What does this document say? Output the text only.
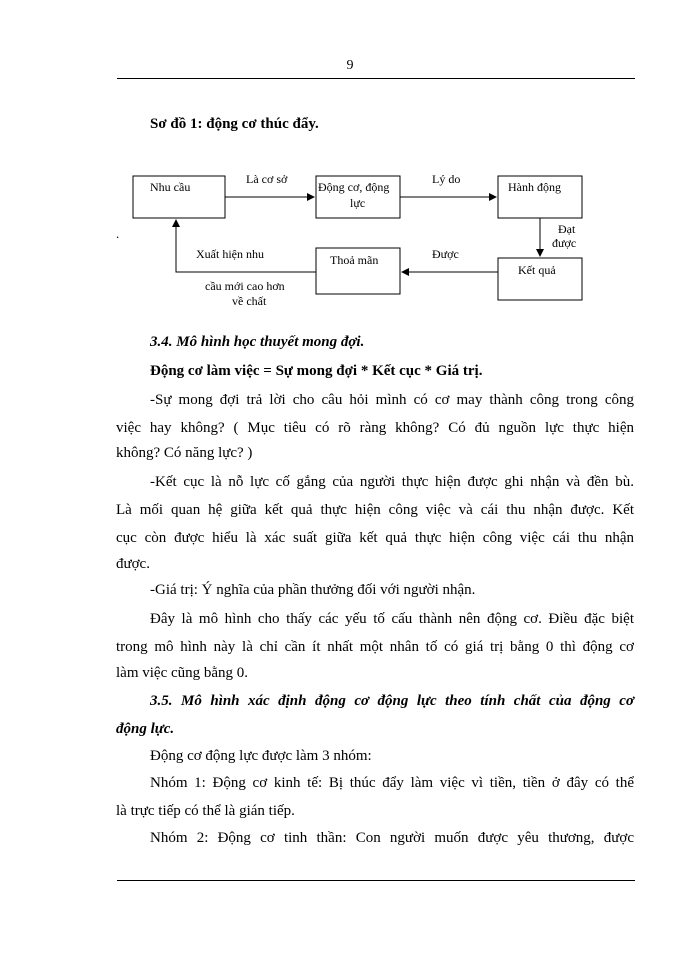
9
Sơ đồ 1: động cơ thúc đẩy.
Nhu cầu	Động cơ, động
lực
Hành động
Kết quả
Thoả mãn
Là cơ sở	Lý do
Đạt
được
Được
Xuất hiện nhu
cầu mới cao hơn
về chất
.
3.4. Mô hình học thuyết mong đợi.
Động cơ làm việc = Sự mong đợi * Kết cục * Giá trị.
-Sự mong đợi trả lời cho câu hỏi mình có cơ may thành công trong công
việc hay không? ( Mục tiêu có rõ ràng không? Có đủ nguồn lực thực hiện
không? Có năng lực? )
-Kết cục là nỗ lực cố gắng của người thực hiện được ghi nhận và đền bù.
Là mối quan hệ giữa kết quả thực hiện công việc và cái thu nhận được. Kết
cục còn được hiểu là xác suất giữa kết quả thực hiện công việc cái thu nhận
được.
-Giá trị: Ý nghĩa của phần thưởng đối với người nhận.
Đây là mô hình cho thấy các yếu tố cấu thành nên động cơ. Điều đặc biệt
trong mô hình này là chỉ cần ít nhất một nhân tố có giá trị bằng 0 thì động cơ
làm việc cũng bằng 0.
3.5. Mô hình xác định động cơ động lực theo tính chất của động cơ
động lực.
Động cơ động lực được làm 3 nhóm:
Nhóm 1: Động cơ kinh tế: Bị thúc đẩy làm việc vì tiền, tiền ở đây có thể
là trực tiếp có thể là gián tiếp.
Nhóm 2: Động cơ tinh thần: Con người muốn được yêu thương, được
